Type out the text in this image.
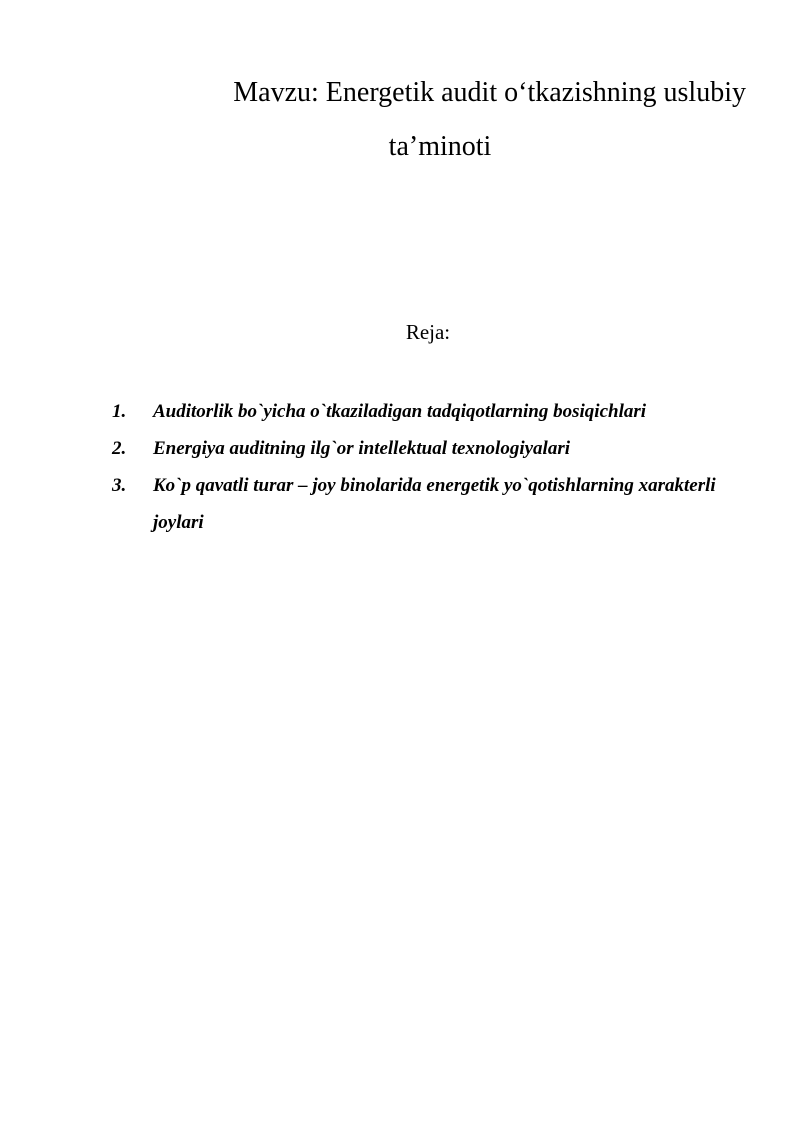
Mavzu: Energetik audit o‘tkazishning uslubiy
ta’minoti
Reja:
1.	Auditorlik bo`yicha o`tkaziladigan tadqiqotlarning bosiqichlari
2.	Energiya auditning ilg`or intellektual texnologiyalari
3.	Ko`p qavatli turar – joy binolarida energetik yo`qotishlarning xarakterli joylari
